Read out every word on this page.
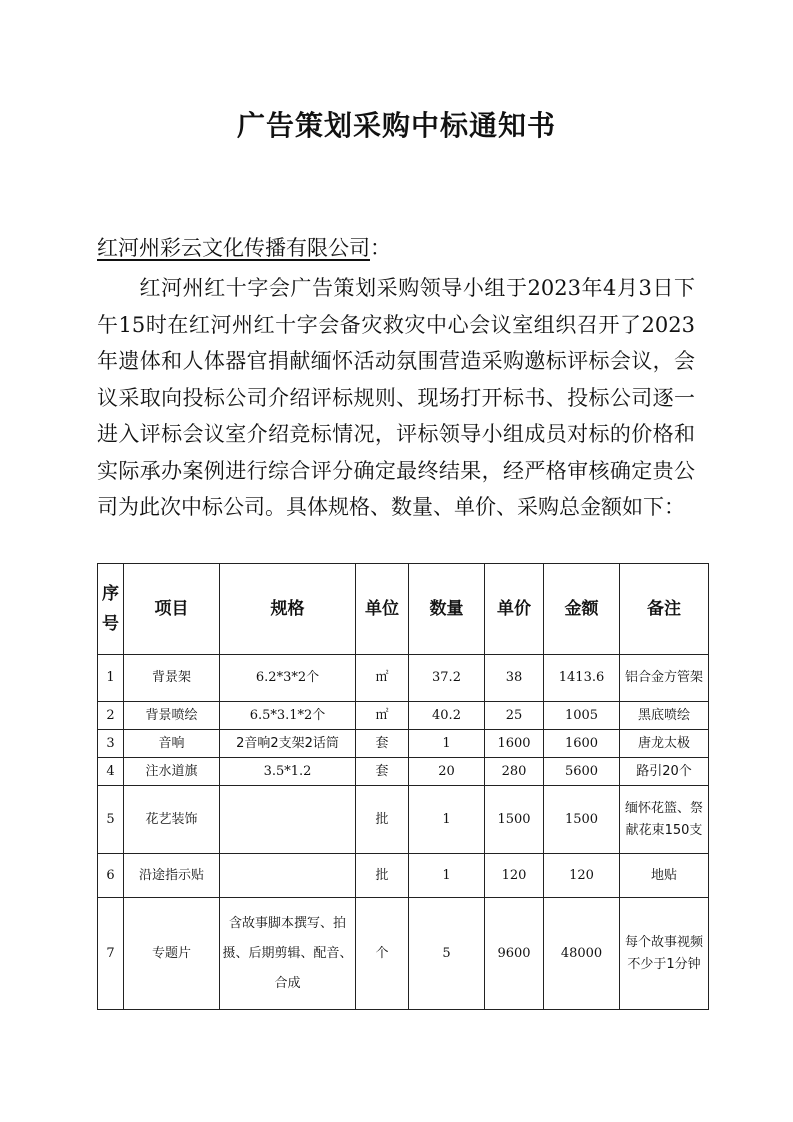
广告策划采购中标通知书
红河州彩云文化传播有限公司：

红河州红十字会广告策划采购领导小组于2023年4月3日下午15时在红河州红十字会备灾救灾中心会议室组织召开了2023年遗体和人体器官捐献缅怀活动氛围营造采购邀标评标会议，会议采取向投标公司介绍评标规则、现场打开标书、投标公司逐一进入评标会议室介绍竞标情况，评标领导小组成员对标的价格和实际承办案例进行综合评分确定最终结果，经严格审核确定贵公司为此次中标公司。具体规格、数量、单价、采购总金额如下：

序号	项目	规格	单位	数量	单价	金额	备注
1	背景架	6.2*3*2个	㎡	37.2	38	1413.6	铝合金方管架
2	背景喷绘	6.5*3.1*2个	㎡	40.2	25	1005	黑底喷绘
3	音响	2音响2支架2话筒	套	1	1600	1600	唐龙太极
4	注水道旗	3.5*1.2	套	20	280	5600	路引20个
5	花艺装饰		批	1	1500	1500	缅怀花篮、祭献花束150支
6	沿途指示贴		批	1	120	120	地贴
7	专题片	含故事脚本撰写、拍摄、后期剪辑、配音、合成	个	5	9600	48000	每个故事视频不少于1分钟
